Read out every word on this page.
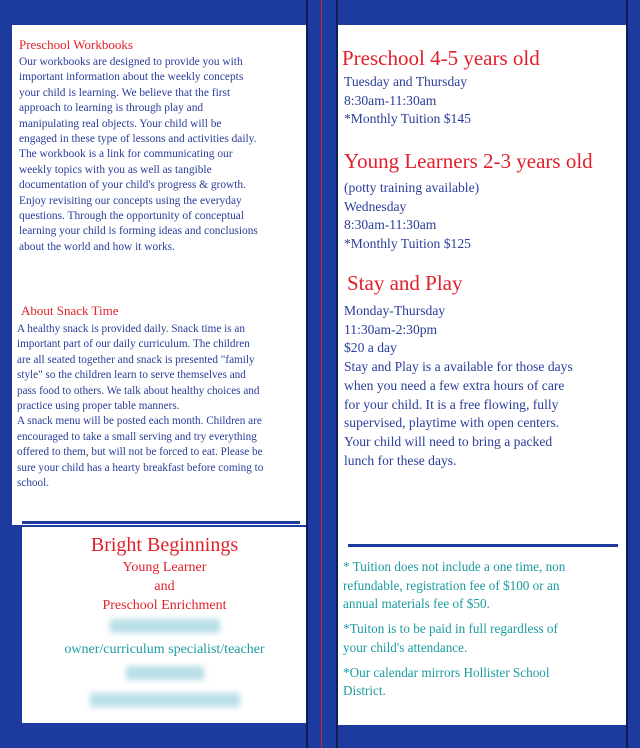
Preschool Workbooks

Our workbooks are designed to provide you with
important information about the weekly concepts
your child is learning. We believe that the first
approach to learning is through play and
manipulating real objects. Your child will be
engaged in these type of lessons and activities daily.
The workbook is a link for communicating our
weekly topics with you as well as tangible
documentation of your child's progress & growth.
Enjoy revisiting our concepts using the everyday
questions. Through the opportunity of conceptual
learning your child is forming ideas and conclusions
about the world and how it works.

About Snack Time

A healthy snack is provided daily. Snack time is an
important part of our daily curriculum. The children
are all seated together and snack is presented "family
style" so the children learn to serve themselves and
pass food to others. We talk about healthy choices and
practice using proper table manners.
A snack menu will be posted each month. Children are
encouraged to take a small serving and try everything
offered to them, but will not be forced to eat. Please be
sure your child has a hearty breakfast before coming to
school.
Bright Beginnings
Young Learner
and
Preschool Enrichment
owner/curriculum specialist/teacher

Preschool 4-5 years old

Tuesday and Thursday
8:30am-11:30am
*Monthly Tuition $145

Young Learners 2-3 years old

(potty training available)
Wednesday
8:30am-11:30am
*Monthly Tuition $125

Stay and Play

Monday-Thursday
11:30am-2:30pm
$20 a day
Stay and Play is a available for those days
when you need a few extra hours of care
for your child. It is a free flowing, fully
supervised, playtime with open centers.
Your child will need to bring a packed
lunch for these days.
* Tuition does not include a one time, non
refundable, registration fee of $100 or an
annual materials fee of $50.
*Tuiton is to be paid in full regardless of
your child's attendance.
*Our calendar mirrors Hollister School
District.
